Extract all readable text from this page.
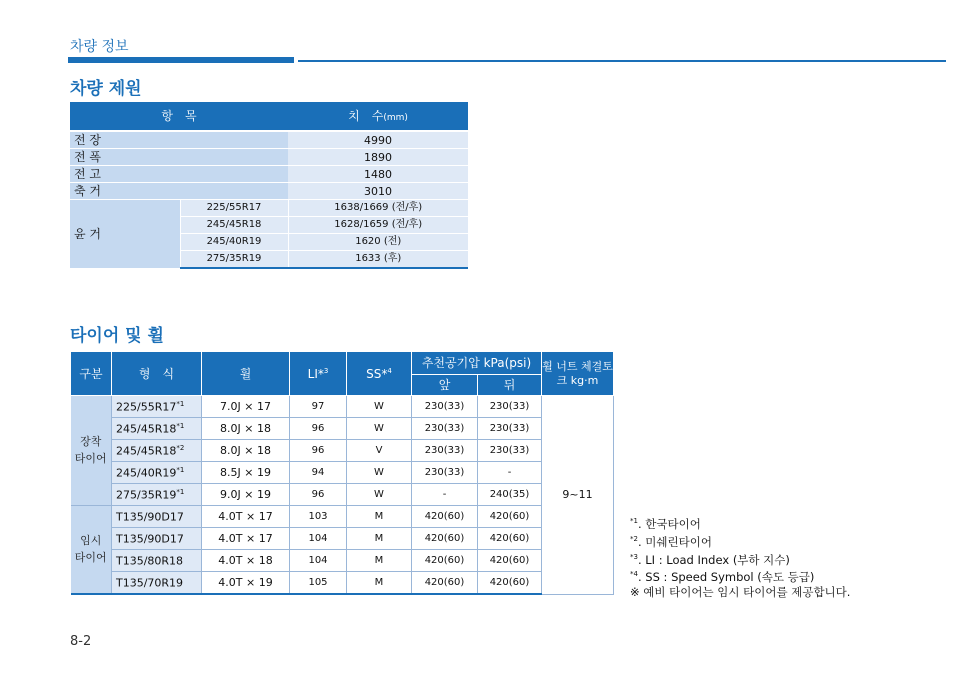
차량 정보
차량 제원
항　목		치　수(mm)
전 장		4990
전 폭		1890
전 고		1480
축 거		3010
윤 거	225/55R17	1638/1669 (전/후)
	245/45R18	1628/1659 (전/후)
	245/40R19	1620 (전)
	275/35R19	1633 (후)
타이어 및 휠
구분	형　식	휠	LI*$^3$	SS*$^4$	추천공기압 kPa(psi)		휠 너트 체결토
크 kg·m

					앞	뒤	

장착
타이어	225/55R17$^{*1}$	7.0J × 17	97	W	230(33)	230(33)	9~11
	245/45R18$^{*1}$	8.0J × 18	96	W	230(33)	230(33)	
	245/45R18$^{*2}$	8.0J × 18	96	V	230(33)	230(33)	
	245/40R19$^{*1}$	8.5J × 19	94	W	230(33)	-	
	275/35R19$^{*1}$	9.0J × 19	96	W	-	240(35)	

임시
타이어	T135/90D17	4.0T × 17	103	M	420(60)	420(60)	
	T135/90D17	4.0T × 17	104	M	420(60)	420(60)	
	T135/80R18	4.0T × 18	104	M	420(60)	420(60)	
	T135/70R19	4.0T × 19	105	M	420(60)	420(60)	
$^{*1}$. 한국타이어
$^{*2}$. 미쉐린타이어
$^{*3}$. LI : Load Index (부하 지수)
$^{*4}$. SS : Speed Symbol (속도 등급)
※ 예비 타이어는 임시 타이어를 제공합니다.
8-2
